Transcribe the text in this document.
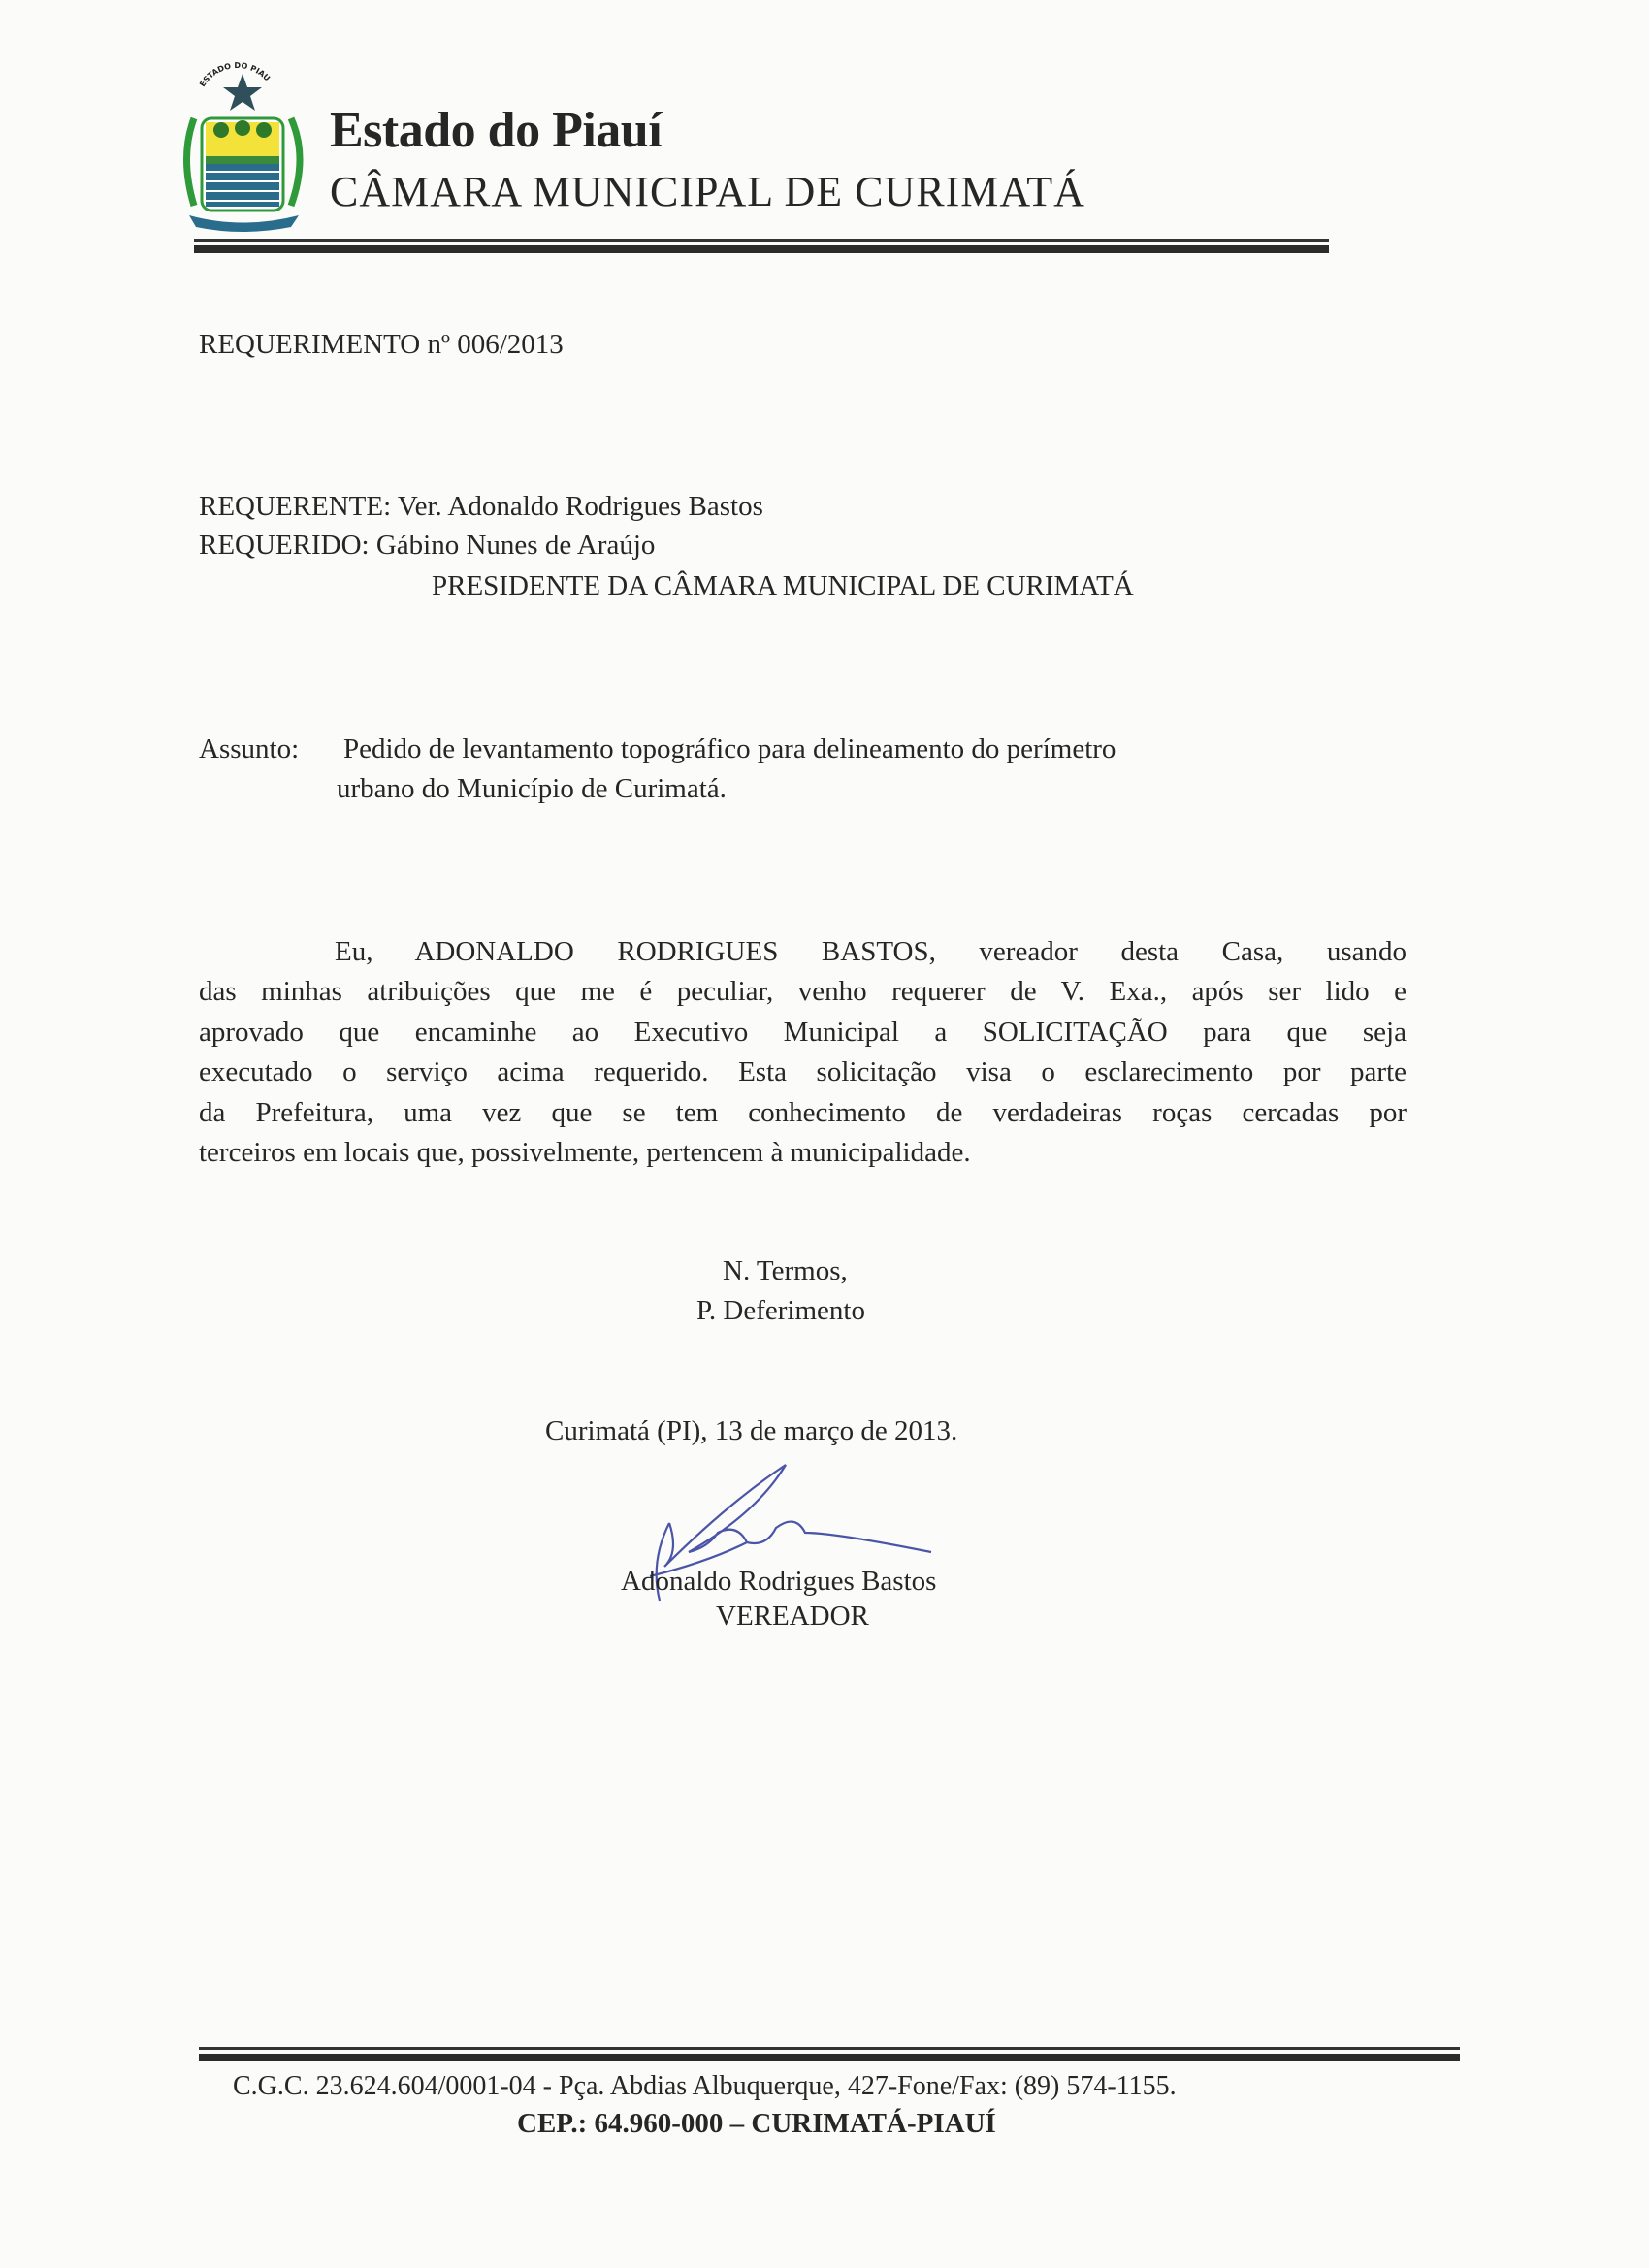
ESTADO DO PIAU
Estado do Piauí
CÂMARA MUNICIPAL DE CURIMATÁ
REQUERIMENTO nº 006/2013
REQUERENTE: Ver. Adonaldo Rodrigues Bastos
REQUERIDO: Gábino Nunes de Araújo
PRESIDENTE DA CÂMARA MUNICIPAL DE CURIMATÁ
Assunto: Pedido de levantamento topográfico para delineamento do perímetro
urbano do Município de Curimatá.
Eu, ADONALDO RODRIGUES BASTOS, vereador desta Casa, usando
das minhas atribuições que me é peculiar, venho requerer de V. Exa., após ser lido e
aprovado que encaminhe ao Executivo Municipal a SOLICITAÇÃO para que seja
executado o serviço acima requerido. Esta solicitação visa o esclarecimento por parte
da Prefeitura, uma vez que se tem conhecimento de verdadeiras roças cercadas por
terceiros em locais que, possivelmente, pertencem à municipalidade.
N. Termos,
P. Deferimento
Curimatá (PI), 13 de março de 2013.
Adonaldo Rodrigues Bastos
VEREADOR
C.G.C. 23.624.604/0001-04 - Pça. Abdias Albuquerque, 427-Fone/Fax: (89) 574-1155.
CEP.: 64.960-000 – CURIMATÁ-PIAUÍ
